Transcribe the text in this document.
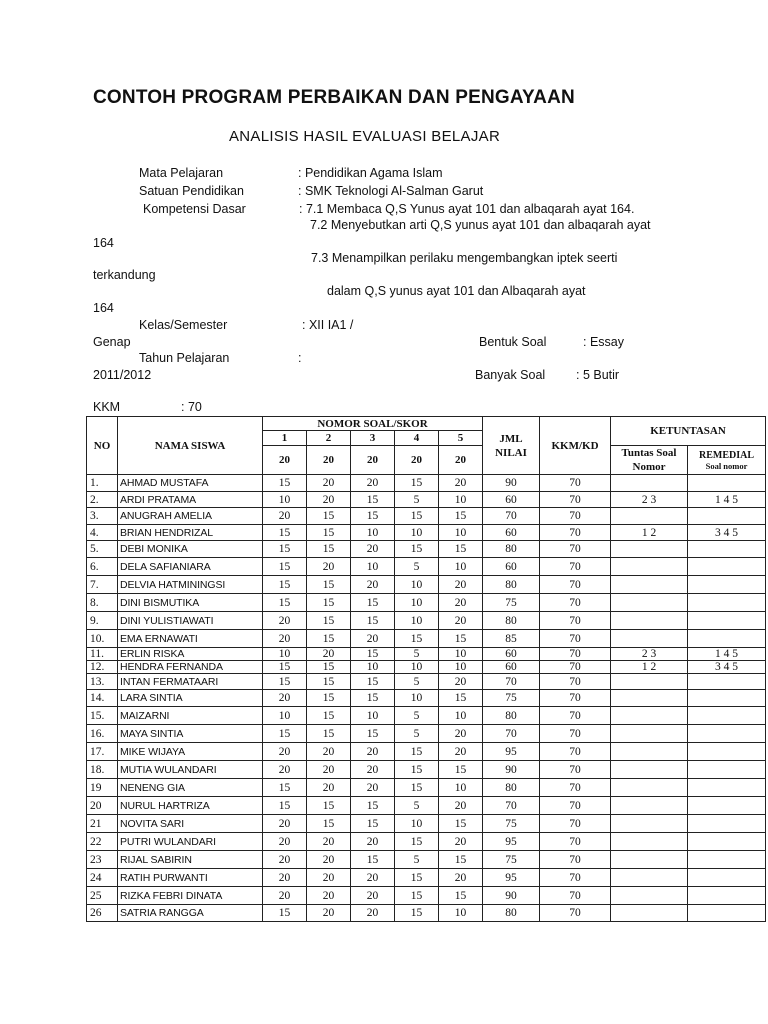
CONTOH PROGRAM PERBAIKAN DAN PENGAYAAN
ANALISIS HASIL EVALUASI BELAJAR
Mata Pelajaran	: Pendidikan Agama Islam
Satuan Pendidikan	: SMK Teknologi Al-Salman Garut
Kompetensi Dasar	: 7.1 Membaca Q,S Yunus ayat 101 dan albaqarah ayat 164.
7.2 Menyebutkan arti Q,S yunus ayat 101 dan albaqarah ayat
164
7.3 Menampilkan perilaku mengembangkan iptek seerti
terkandung
dalam Q,S yunus ayat 101 dan Albaqarah ayat
164
Kelas/Semester	: XII IA1 /
Genap	Bentuk Soal	: Essay
Tahun Pelajaran	:
2011/2012	Banyak Soal : 5 Butir
KKM	: 70
NO	NAMA SISWA	NOMOR SOAL/SKOR					JML NILAI	KKM/KD	KETUNTASAN	
		1	2	3	4	5				
		20	20	20	20	20			Tuntas Soal Nomor	REMEDIAL
Soal nomor

1.	AHMAD MUSTAFA	15	20	20	15	20	90	70		
2.	ARDI PRATAMA	10	20	15	5	10	60	70	2 3	1 4 5
3.	ANUGRAH AMELIA	20	15	15	15	15	70	70		
4.	BRIAN HENDRIZAL	15	15	10	10	10	60	70	1 2	3 4 5
5.	DEBI MONIKA	15	15	20	15	15	80	70		
6.	DELA SAFIANIARA	15	20	10	5	10	60	70		
7.	DELVIA HATMININGSI	15	15	20	10	20	80	70		
8.	DINI BISMUTIKA	15	15	15	10	20	75	70		
9.	DINI YULISTIAWATI	20	15	15	10	20	80	70		
10.	EMA ERNAWATI	20	15	20	15	15	85	70		
11.	ERLIN RISKA	10	20	15	5	10	60	70	2 3	1 4 5
12.	HENDRA FERNANDA	15	15	10	10	10	60	70	1 2	3 4 5
13.	INTAN FERMATAARI	15	15	15	5	20	70	70		
14.	LARA SINTIA	20	15	15	10	15	75	70		
15.	MAIZARNI	10	15	10	5	10	80	70		
16.	MAYA SINTIA	15	15	15	5	20	70	70		
17.	MIKE WIJAYA	20	20	20	15	20	95	70		
18.	MUTIA WULANDARI	20	20	20	15	15	90	70		
19	NENENG GIA	15	20	20	15	10	80	70		
20	NURUL HARTRIZA	15	15	15	5	20	70	70		
21	NOVITA SARI	20	15	15	10	15	75	70		
22	PUTRI WULANDARI	20	20	20	15	20	95	70		
23	RIJAL SABIRIN	20	20	15	5	15	75	70		
24	RATIH PURWANTI	20	20	20	15	20	95	70		
25	RIZKA FEBRI DINATA	20	20	20	15	15	90	70		
26	SATRIA RANGGA	15	20	20	15	10	80	70		
